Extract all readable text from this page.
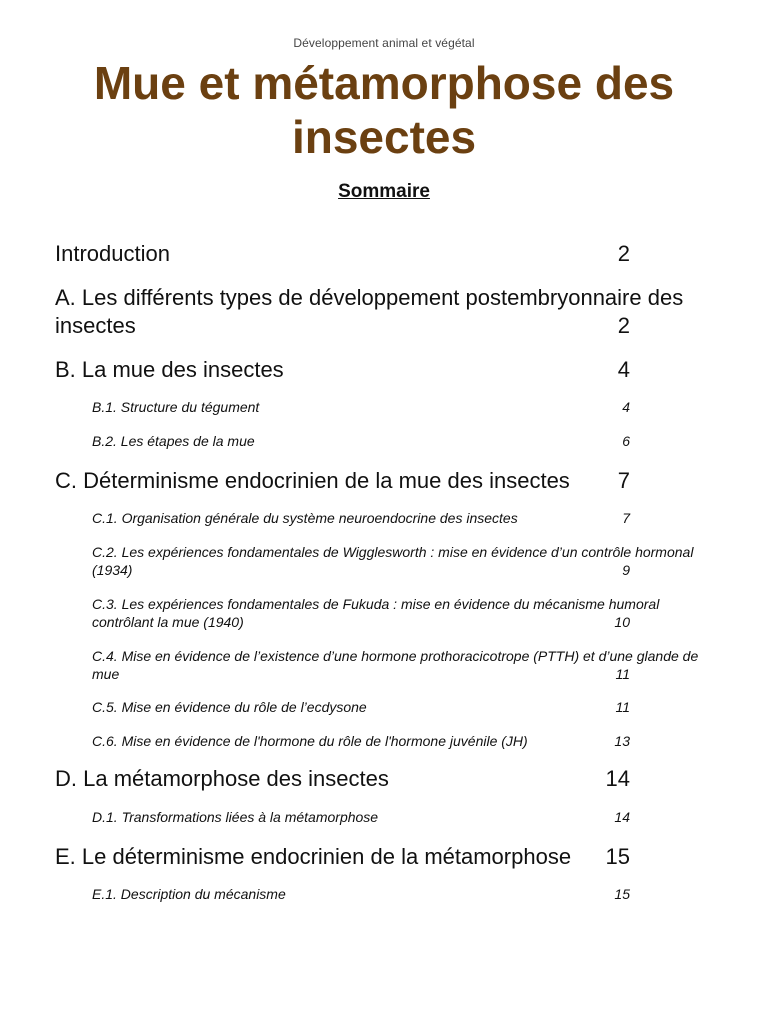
Développement animal et végétal
Mue et métamorphose des
insectes
Sommaire
Introduction	2
A. Les différents types de développement postembryonnaire des insectes	2
B. La mue des insectes	4
B.1. Structure du tégument	4
B.2. Les étapes de la mue	6
C. Déterminisme endocrinien de la mue des insectes	7
C.1. Organisation générale du système neuroendocrine des insectes	7
C.2. Les expériences fondamentales de Wigglesworth : mise en évidence d’un contrôle hormonal (1934)	9
C.3. Les expériences fondamentales de Fukuda : mise en évidence du mécanisme humoral contrôlant la mue (1940)	10
C.4. Mise en évidence de l’existence d’une hormone prothoracicotrope (PTTH) et d’une glande de mue	11
C.5. Mise en évidence du rôle de l’ecdysone	11
C.6. Mise en évidence de l'hormone du rôle de l'hormone juvénile (JH)	13
D. La métamorphose des insectes	14
D.1. Transformations liées à la métamorphose	14
E. Le déterminisme endocrinien de la métamorphose	15
E.1. Description du mécanisme	15
